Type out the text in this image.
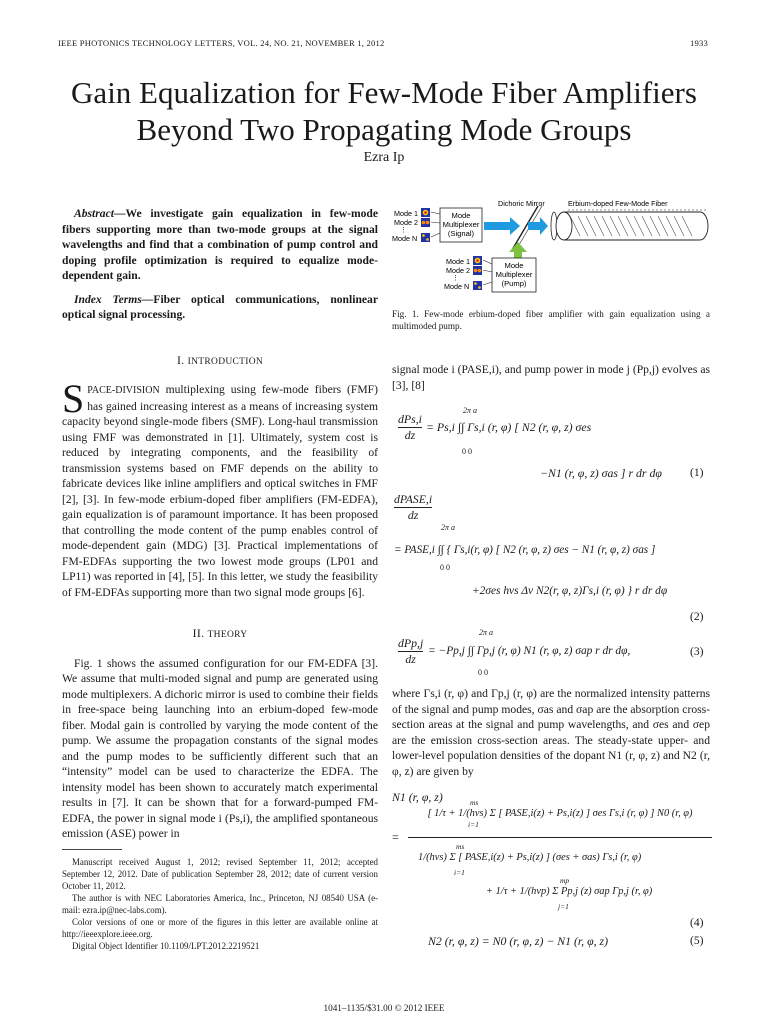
IEEE PHOTONICS TECHNOLOGY LETTERS, VOL. 24, NO. 21, NOVEMBER 1, 2012	1933
Gain Equalization for Few-Mode Fiber Amplifiers
Beyond Two Propagating Mode Groups
Ezra Ip

Abstract—We investigate gain equalization in few-mode fibers supporting more than two-mode groups at the signal wavelengths and find that a combination of pump control and doping profile optimization is required to equalize mode-dependent gain.

Index Terms—Fiber optical communications, nonlinear optical signal processing.

I. INTRODUCTION

SPACE-DIVISION multiplexing using few-mode fibers (FMF) has gained increasing interest as a means of increasing system capacity beyond single-mode fibers (SMF). Long-haul transmission using FMF was demonstrated in [1]. Ultimately, system cost is reduced by integrating components, and the feasibility of transmission systems based on FMF depends on the ability to fabricate devices like inline amplifiers and optical switches in FMF [2], [3]. In few-mode erbium-doped fiber amplifiers (FM-EDFA), gain equalization is of paramount importance. It has been proposed that controlling the mode content of the pump enables control of mode-dependent gain (MDG) [3]. Practical implementations of FM-EDFAs supporting the two lowest mode groups (LP01 and LP11) was reported in [4], [5]. In this letter, we study the feasibility of FM-EDFAs supporting more than two signal mode groups [6].

II. THEORY

Fig. 1 shows the assumed configuration for our FM-EDFA [3]. We assume that multi-moded signal and pump are generated using mode multiplexers. A dichoric mirror is used to combine their fields in free-space being launching into an erbium-doped few-mode fiber. Modal gain is controlled by varying the mode content of the pump. We assume the propagation constants of the signal modes and the pump modes to be sufficiently different such that an “intensity” model can be used to characterize the EDFA. The intensity model has been shown to accurately match experimental results in [7]. It can be shown that for a forward-pumped FM-EDFA, the power in signal mode i (Ps,i), the amplified spontaneous emission (ASE) power in

Manuscript received August 1, 2012; revised September 11, 2012; accepted September 12, 2012. Date of publication September 28, 2012; date of current version October 11, 2012.

The author is with NEC Laboratories America, Inc., Princeton, NJ 08540 USA (e-mail: ezra.ip@nec-labs.com).

Color versions of one or more of the figures in this letter are available online at http://ieeexplore.ieee.org.

Digital Object Identifier 10.1109/LPT.2012.2219521

Dichoric Mirror	Erbium-doped Few-Mode Fiber
Mode 1
Mode 2
⋮
Mode N
Mode
Multiplexer
(Signal)
Mode 1
Mode 2
⋮
Mode N
Mode
Multiplexer
(Pump)
Fig. 1. Few-mode erbium-doped fiber amplifier with gain equalization using a multimoded pump.
signal mode i (PASE,i), and pump power in mode j (Pp,j) evolves as [3], [8]
dPs,i
dz
2π a
0 0
= Ps,i ∫∫ Γs,i (r, φ) [ N2 (r, φ, z) σes
−N1 (r, φ, z) σas ] r dr dφ	(1)
dPASE,i
dz
2π a
0 0
= PASE,i ∫∫ { Γs,i(r, φ) [ N2 (r, φ, z) σes − N1 (r, φ, z) σas ]
+2σes hνs Δν N2(r, φ, z)Γs,i (r, φ) } r dr dφ
(2)
dPp,j
dz
2π a
0 0
= −Pp,j ∫∫ Γp,j (r, φ) N1 (r, φ, z) σap r dr dφ,	(3)
where Γs,i (r, φ) and Γp,j (r, φ) are the normalized intensity patterns of the signal and pump modes, σas and σap are the absorption cross-section areas at the signal and pump wavelengths, and σes and σep are the emission cross-section areas. The steady-state upper- and lower-level population densities of the dopant N1 (r, φ, z) and N2 (r, φ, z) are given by
N1 (r, φ, z)
=
[ 1/τ + 1/(hνs) Σ [ PASE,i(z) + Ps,i(z) ] σes Γs,i (r, φ) ] N0 (r, φ)
ms
i=1
ms
1/(hνs) Σ [ PASE,i(z) + Ps,i(z) ] (σes + σas) Γs,i (r, φ)
i=1
mp
+ 1/τ + 1/(hνp) Σ Pp,j (z) σap Γp,j (r, φ)
j=1
(4)
N2 (r, φ, z) = N0 (r, φ, z) − N1 (r, φ, z)	(5)
1041–1135/$31.00 © 2012 IEEE
